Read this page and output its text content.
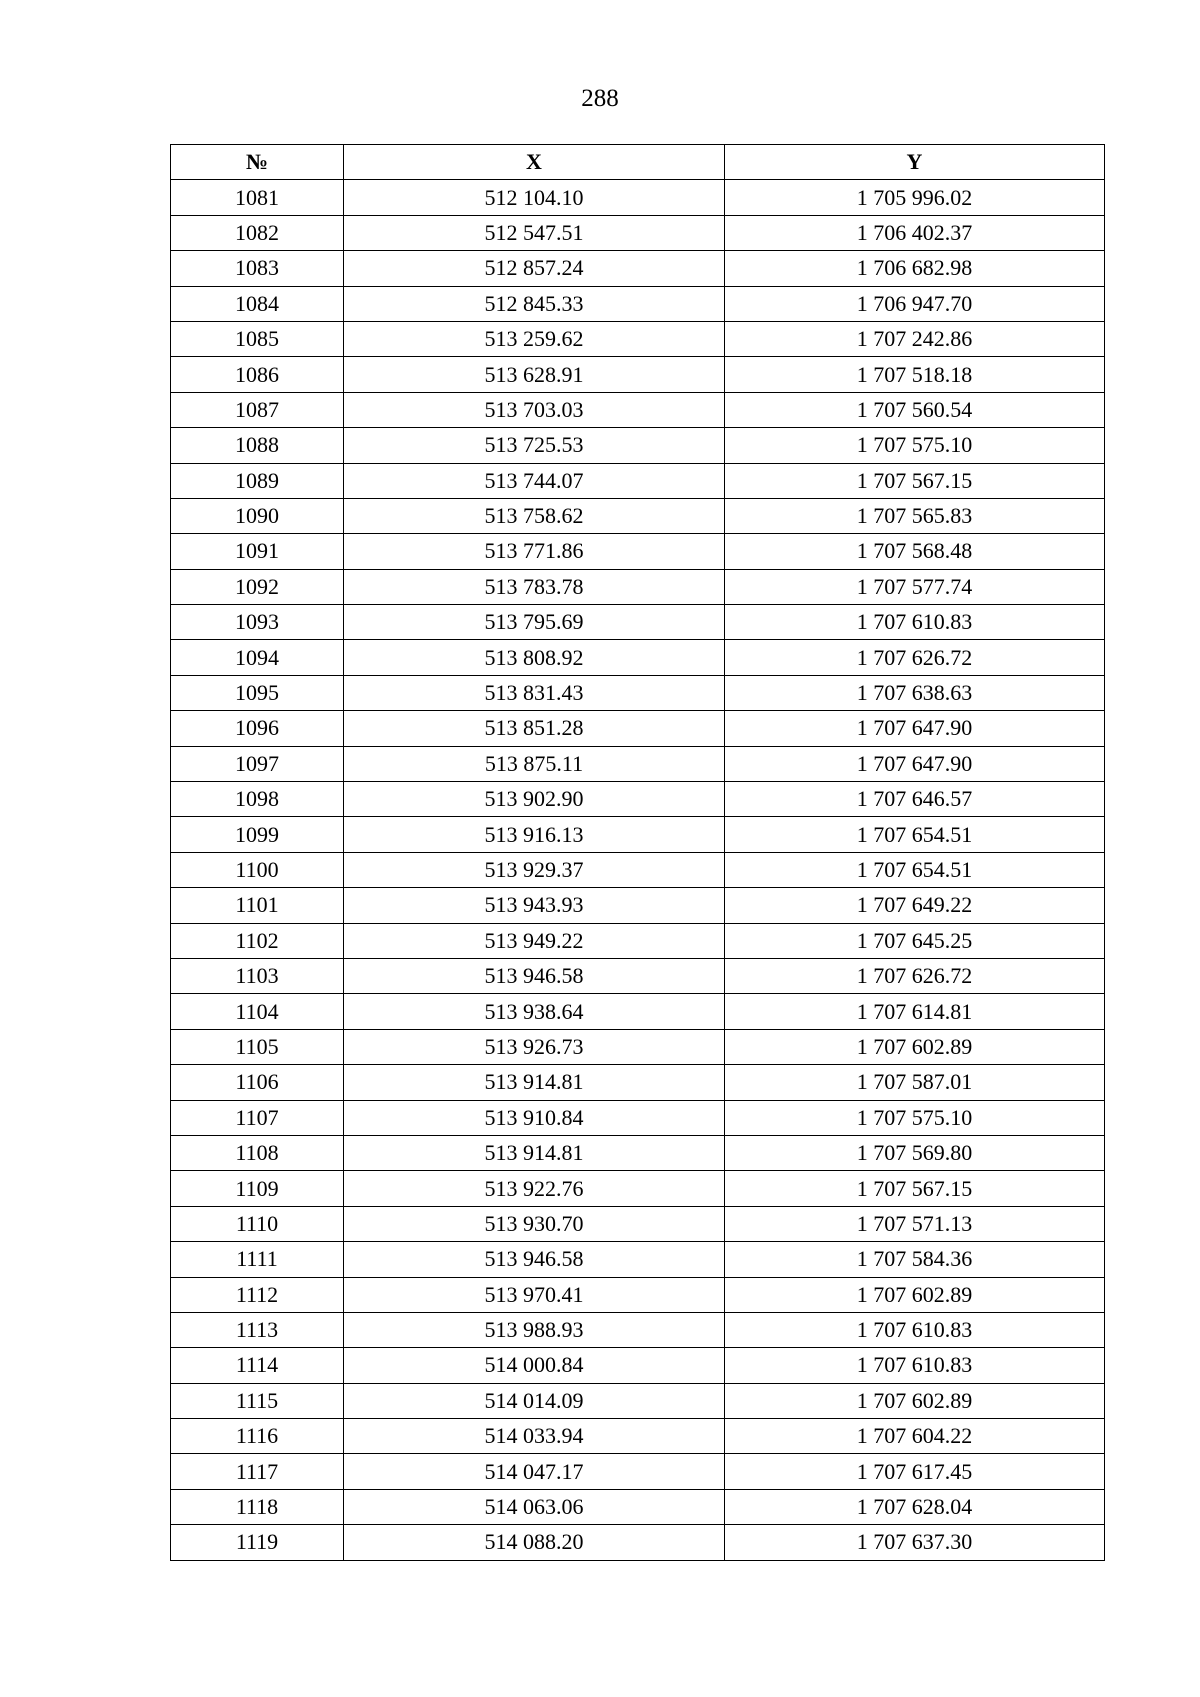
288
№	X	Y
1081	512 104.10	1 705 996.02
1082	512 547.51	1 706 402.37
1083	512 857.24	1 706 682.98
1084	512 845.33	1 706 947.70
1085	513 259.62	1 707 242.86
1086	513 628.91	1 707 518.18
1087	513 703.03	1 707 560.54
1088	513 725.53	1 707 575.10
1089	513 744.07	1 707 567.15
1090	513 758.62	1 707 565.83
1091	513 771.86	1 707 568.48
1092	513 783.78	1 707 577.74
1093	513 795.69	1 707 610.83
1094	513 808.92	1 707 626.72
1095	513 831.43	1 707 638.63
1096	513 851.28	1 707 647.90
1097	513 875.11	1 707 647.90
1098	513 902.90	1 707 646.57
1099	513 916.13	1 707 654.51
1100	513 929.37	1 707 654.51
1101	513 943.93	1 707 649.22
1102	513 949.22	1 707 645.25
1103	513 946.58	1 707 626.72
1104	513 938.64	1 707 614.81
1105	513 926.73	1 707 602.89
1106	513 914.81	1 707 587.01
1107	513 910.84	1 707 575.10
1108	513 914.81	1 707 569.80
1109	513 922.76	1 707 567.15
1110	513 930.70	1 707 571.13
1111	513 946.58	1 707 584.36
1112	513 970.41	1 707 602.89
1113	513 988.93	1 707 610.83
1114	514 000.84	1 707 610.83
1115	514 014.09	1 707 602.89
1116	514 033.94	1 707 604.22
1117	514 047.17	1 707 617.45
1118	514 063.06	1 707 628.04
1119	514 088.20	1 707 637.30
